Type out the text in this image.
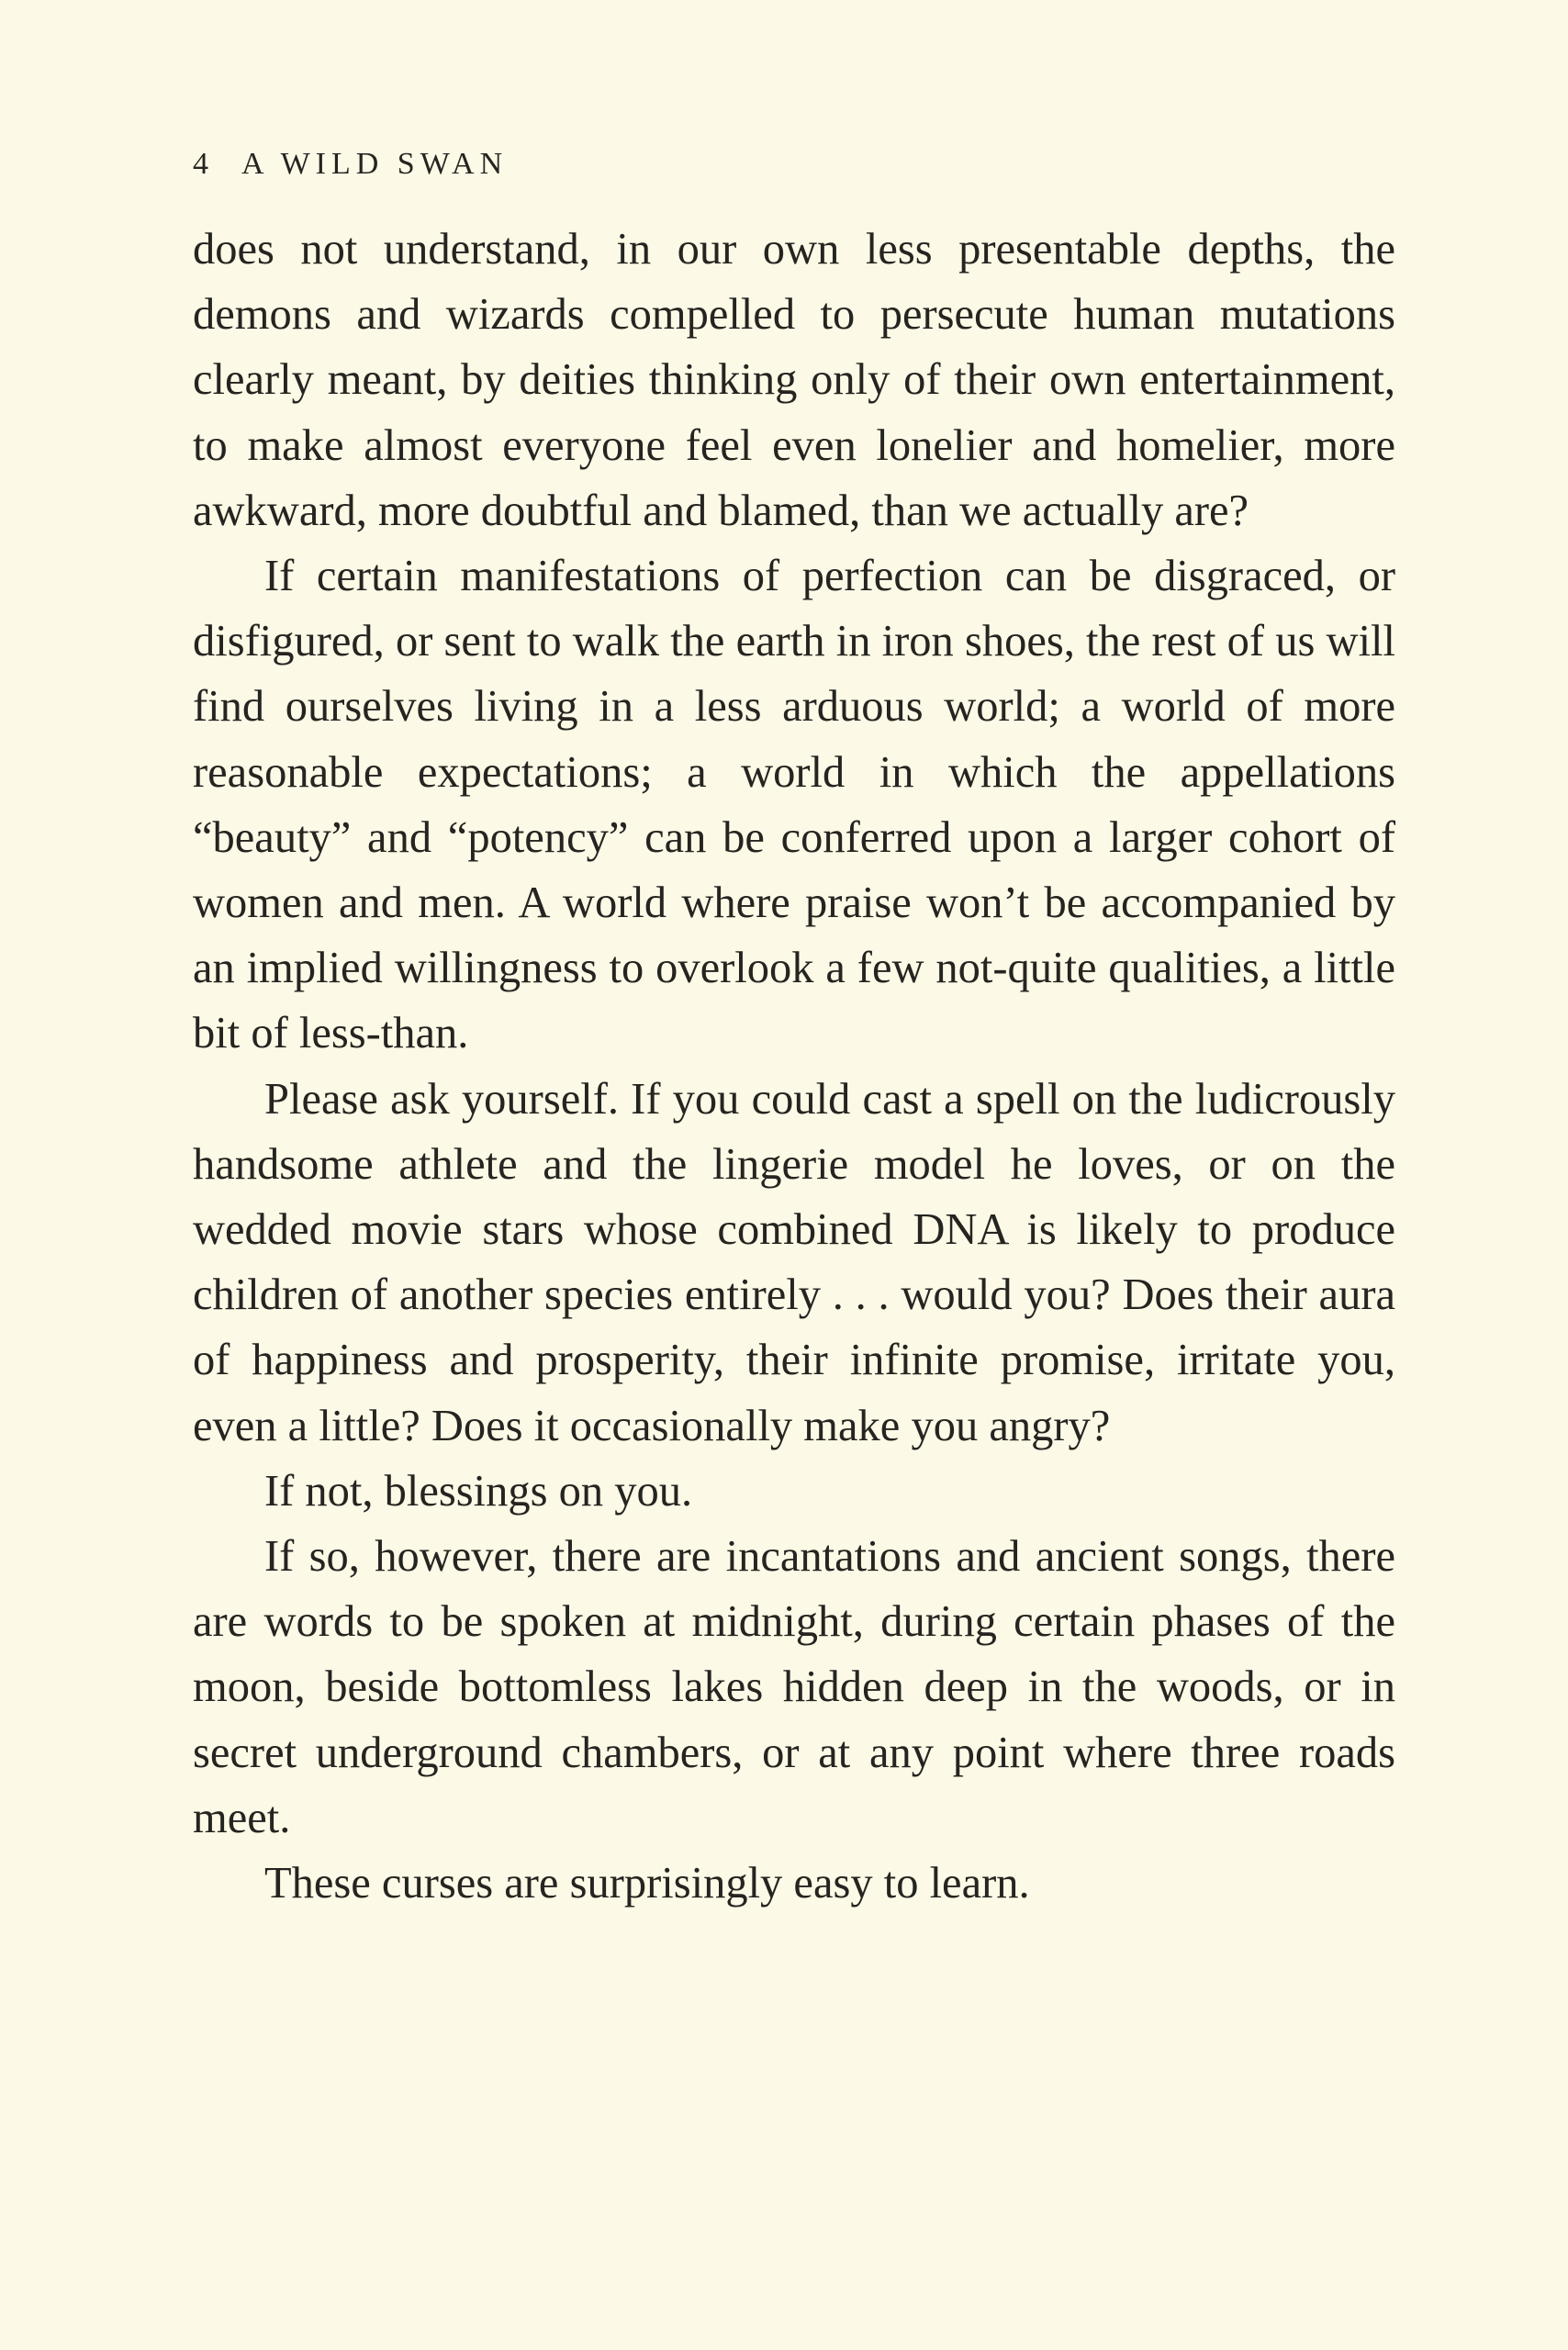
4 A WILD SWAN

does not understand, in our own less presentable depths, the demons and wizards compelled to persecute human mutations clearly meant, by deities thinking only of their own entertainment, to make almost everyone feel even lonelier and homelier, more awkward, more doubtful and blamed, than we actually are?

If certain manifestations of perfection can be disgraced, or disfigured, or sent to walk the earth in iron shoes, the rest of us will find ourselves living in a less arduous world; a world of more reasonable expectations; a world in which the appellations “beauty” and “potency” can be conferred upon a larger cohort of women and men. A world where praise won’t be accompanied by an implied willingness to overlook a few not-quite qualities, a little bit of less-than.

Please ask yourself. If you could cast a spell on the ludicrously handsome athlete and the lingerie model he loves, or on the wedded movie stars whose combined DNA is likely to produce children of another species entirely . . . would you? Does their aura of happiness and prosperity, their infinite promise, irritate you, even a little? Does it occasionally make you angry?

If not, blessings on you.

If so, however, there are incantations and ancient songs, there are words to be spoken at midnight, during certain phases of the moon, beside bottomless lakes hidden deep in the woods, or in secret underground chambers, or at any point where three roads meet.

These curses are surprisingly easy to learn.
